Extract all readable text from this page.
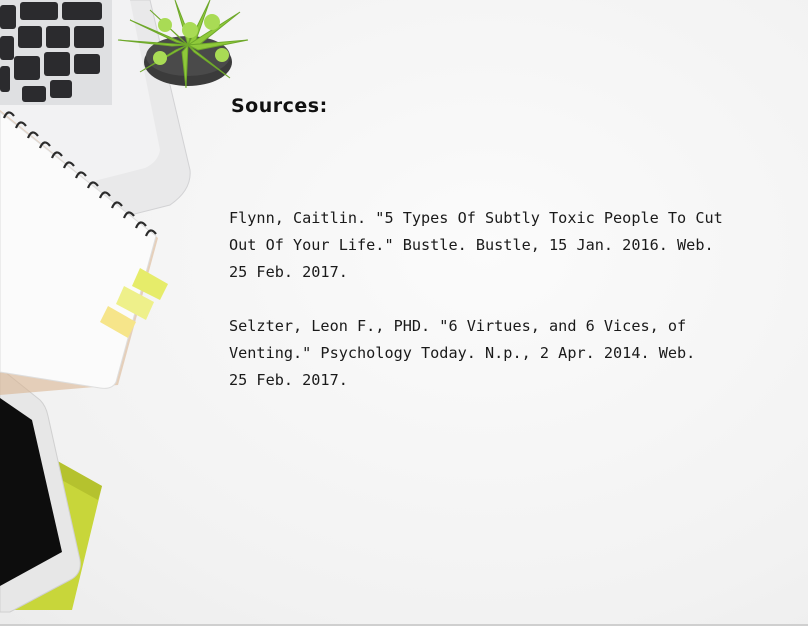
Sources:

Flynn, Caitlin. "5 Types Of Subtly Toxic People To Cut
Out Of Your Life." Bustle. Bustle, 15 Jan. 2016. Web.
25 Feb. 2017.

Selzter, Leon F., PHD. "6 Virtues, and 6 Vices, of
Venting." Psychology Today. N.p., 2 Apr. 2014. Web.
25 Feb. 2017.
